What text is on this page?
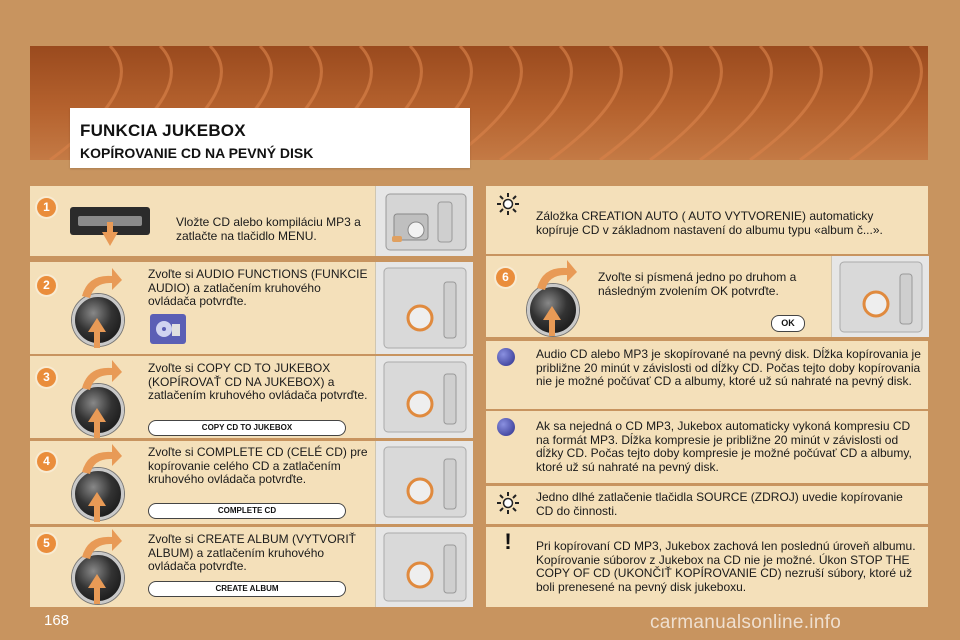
FUNKCIA JUKEBOX
KOPÍROVANIE CD NA PEVNÝ DISK
1
Vložte CD alebo kompiláciu MP3 a zatlačte na tlačidlo MENU.
2
Zvoľte si AUDIO FUNCTIONS (FUNKCIE AUDIO) a zatlačením kruhového ovládača potvrďte.
3
Zvoľte si COPY CD TO JUKEBOX (KOPÍROVAŤ CD NA JUKEBOX) a zatlačením kruhového ovládača potvrďte.
COPY CD TO JUKEBOX
4
Zvoľte si COMPLETE CD (CELÉ CD) pre kopírovanie celého CD a zatlačením kruhového ovládača potvrďte.
COMPLETE CD
5	Zvoľte si CREATE ALBUM (VYTVORIŤ ALBUM) a zatlačením kruhového ovládača potvrďte.
CREATE ALBUM
Záložka CREATION AUTO ( AUTO VYTVORENIE) automaticky kopíruje CD v základnom nastavení do albumu typu «album č...».
6	Zvoľte si písmená jedno po druhom a následným zvolením OK potvrďte.
OK
Audio CD alebo MP3 je skopírované na pevný disk. Dĺžka kopírovania je približne 20 minút v závislosti od dĺžky CD. Počas tejto doby kopírovania nie je možné počúvať CD a albumy, ktoré už sú nahraté na pevný disk.
Ak sa nejedná o CD MP3, Jukebox automaticky vykoná kompresiu CD na formát MP3. Dĺžka kompresie je približne 20 minút v závislosti od dĺžky CD. Počas tejto doby kompresie je možné počúvať CD a albumy, ktoré už sú nahraté na pevný disk.
Jedno dlhé zatlačenie tlačidla SOURCE (ZDROJ) uvedie kopírovanie CD do činnosti.
!	Pri kopírovaní CD MP3, Jukebox zachová len poslednú úroveň albumu. Kopírovanie súborov z Jukebox na CD nie je možné. Úkon STOP THE COPY OF CD (UKONČIŤ KOPÍROVANIE CD) nezruší súbory, ktoré už boli prenesené na pevný disk jukeboxu.
168	carmanualsonline.info
